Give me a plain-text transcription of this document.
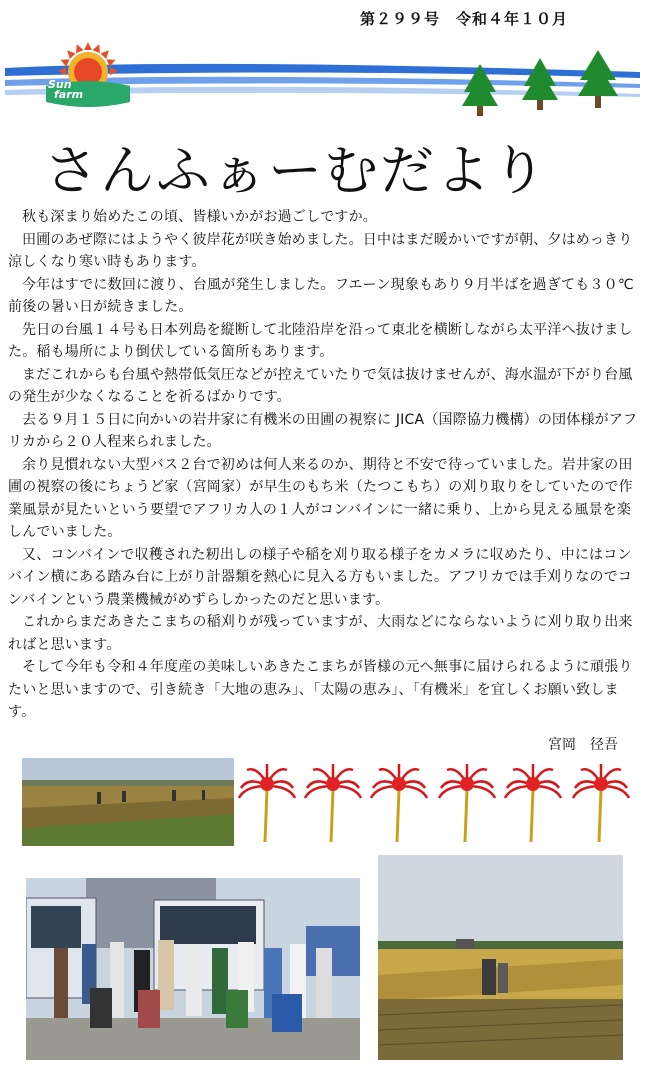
第２９９号　令和４年１０月
Sun
farm
さんふぁーむだより

秋も深まり始めたこの頃、皆様いかがお過ごしですか。

田圃のあぜ際にはようやく彼岸花が咲き始めました。日中はまだ暖かいですが朝、夕はめっきり涼しくなり寒い時もあります。

今年はすでに数回に渡り、台風が発生しました。フエーン現象もあり９月半ばを過ぎても３０℃前後の暑い日が続きました。

先日の台風１４号も日本列島を縦断して北陸沿岸を沿って東北を横断しながら太平洋へ抜けました。稲も場所により倒伏している箇所もあります。

まだこれからも台風や熱帯低気圧などが控えていたりで気は抜けませんが、海水温が下がり台風の発生が少なくなることを祈るばかりです。

去る９月１５日に向かいの岩井家に有機米の田圃の視察に JICA（国際協力機構）の団体様がアフリカから２０人程来られました。

余り見慣れない大型バス２台で初めは何人来るのか、期待と不安で待っていました。岩井家の田圃の視察の後にちょうど家（宮岡家）が早生のもち米（たつこもち）の刈り取りをしていたので作業風景が見たいという要望でアフリカ人の１人がコンバインに一緒に乗り、上から見える風景を楽しんでいました。

又、コンバインで収穫された籾出しの様子や稲を刈り取る様子をカメラに収めたり、中にはコンバイン横にある踏み台に上がり計器類を熱心に見入る方もいました。アフリカでは手刈りなのでコンバインという農業機械がめずらしかったのだと思います。

これからまだあきたこまちの稲刈りが残っていますが、大雨などにならないように刈り取り出来ればと思います。

そして今年も令和４年度産の美味しいあきたこまちが皆様の元へ無事に届けられるように頑張りたいと思いますので、引き続き「大地の恵み」、「太陽の恵み」、「有機米」を宜しくお願い致します。

宮岡　径吾
